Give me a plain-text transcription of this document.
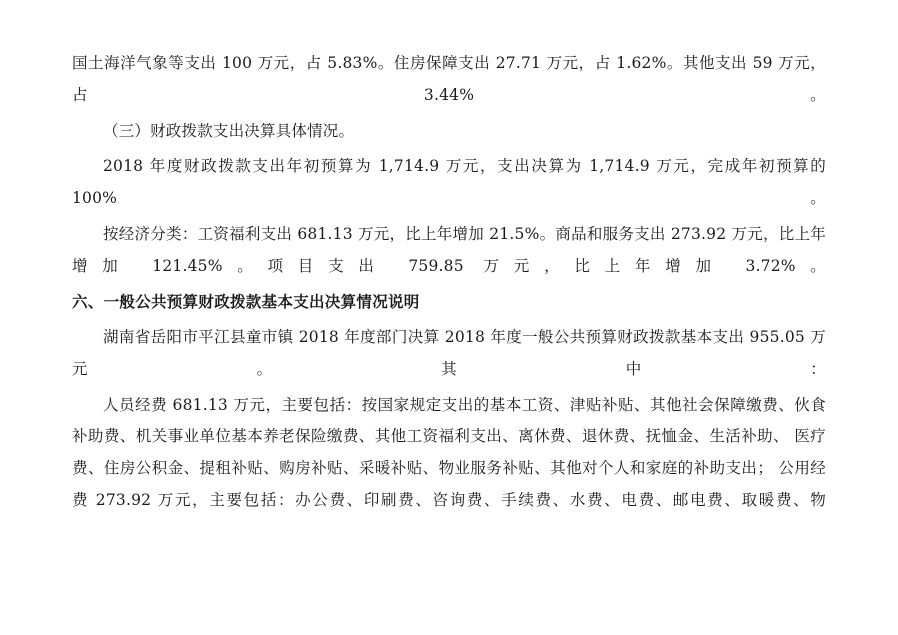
国土海洋气象等支出 100 万元，占 5.83%。住房保障支出 27.71 万元，占 1.62%。其他支出 59 万元，占3.44%。

（三）财政拨款支出决算具体情况。

2018 年度财政拨款支出年初预算为 1,714.9 万元，支出决算为 1,714.9 万元，完成年初预算的100%。

按经济分类：工资福利支出 681.13 万元，比上年增加 21.5%。商品和服务支出 273.92 万元，比上年增加 121.45%。项目支出 759.85 万元，比上年增加 3.72%。

六、一般公共预算财政拨款基本支出决算情况说明

湖南省岳阳市平江县童市镇 2018 年度部门决算 2018 年度一般公共预算财政拨款基本支出 955.05 万元。其中：

人员经费 681.13 万元，主要包括：按国家规定支出的基本工资、津贴补贴、其他社会保障缴费、伙食补助费、机关事业单位基本养老保险缴费、其他工资福利支出、离休费、退休费、抚恤金、生活补助、 医疗费、住房公积金、提租补贴、购房补贴、采暖补贴、物业服务补贴、其他对个人和家庭的补助支出； 公用经费 273.92 万元，主要包括：办公费、印刷费、咨询费、手续费、水费、电费、邮电费、取暖费、物
